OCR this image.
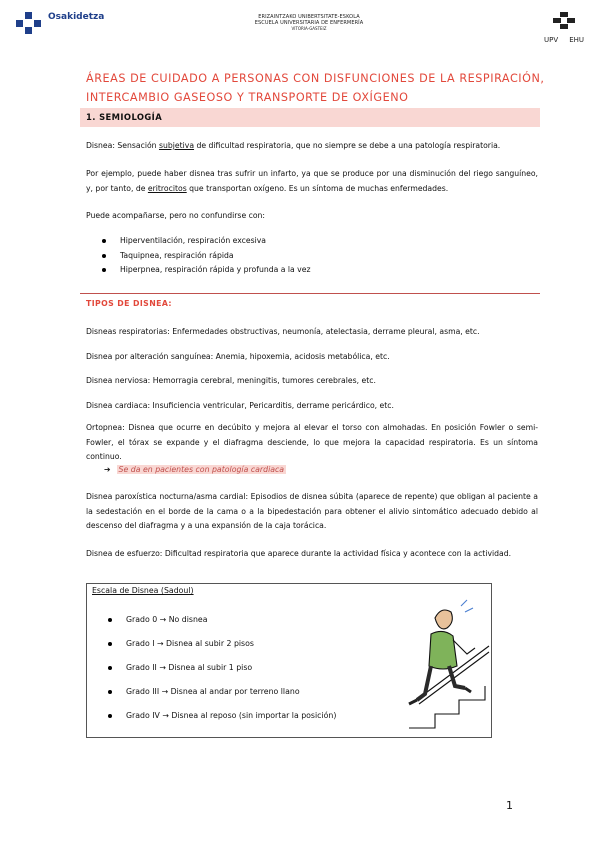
Osakidetza	ERIZAINTZAKO UNIBERTSITATE-ESKOLA
ESCUELA UNIVERSITARIA DE ENFERMERÍA
VITORIA-GASTEIZ
UPV EHU
ÁREAS DE CUIDADO A PERSONAS CON DISFUNCIONES DE LA RESPIRACIÓN,
INTERCAMBIO GASEOSO Y TRANSPORTE DE OXÍGENO
1. SEMIOLOGÍA
Disnea: Sensación subjetiva de dificultad respiratoria, que no siempre se debe a una patología respiratoria.
Por ejemplo, puede haber disnea tras sufrir un infarto, ya que se produce por una disminución del riego sanguíneo, y, por tanto, de eritrocitos que transportan oxígeno. Es un síntoma de muchas enfermedades.
Puede acompañarse, pero no confundirse con:
Hiperventilación, respiración excesiva
Taquipnea, respiración rápida
Hiperpnea, respiración rápida y profunda a la vez
TIPOS DE DISNEA:
Disneas respiratorias: Enfermedades obstructivas, neumonía, atelectasia, derrame pleural, asma, etc.
Disnea por alteración sanguínea: Anemia, hipoxemia, acidosis metabólica, etc.
Disnea nerviosa: Hemorragia cerebral, meningitis, tumores cerebrales, etc.
Disnea cardiaca: Insuficiencia ventricular, Pericarditis, derrame pericárdico, etc.
Ortopnea: Disnea que ocurre en decúbito y mejora al elevar el torso con almohadas. En posición Fowler o semi-Fowler, el tórax se expande y el diafragma desciende, lo que mejora la capacidad respiratoria. Es un síntoma continuo.
➔ Se da en pacientes con patología cardiaca
Disnea paroxística nocturna/asma cardial: Episodios de disnea súbita (aparece de repente) que obligan al paciente a la sedestación en el borde de la cama o a la bipedestación para obtener el alivio sintomático adecuado debido al descenso del diafragma y a una expansión de la caja torácica.
Disnea de esfuerzo: Dificultad respiratoria que aparece durante la actividad física y acontece con la actividad.
Escala de Disnea (Sadoul)
Grado 0 → No disnea
Grado I → Disnea al subir 2 pisos
Grado II → Disnea al subir 1 piso
Grado III → Disnea al andar por terreno llano
Grado IV → Disnea al reposo (sin importar la posición)
1
